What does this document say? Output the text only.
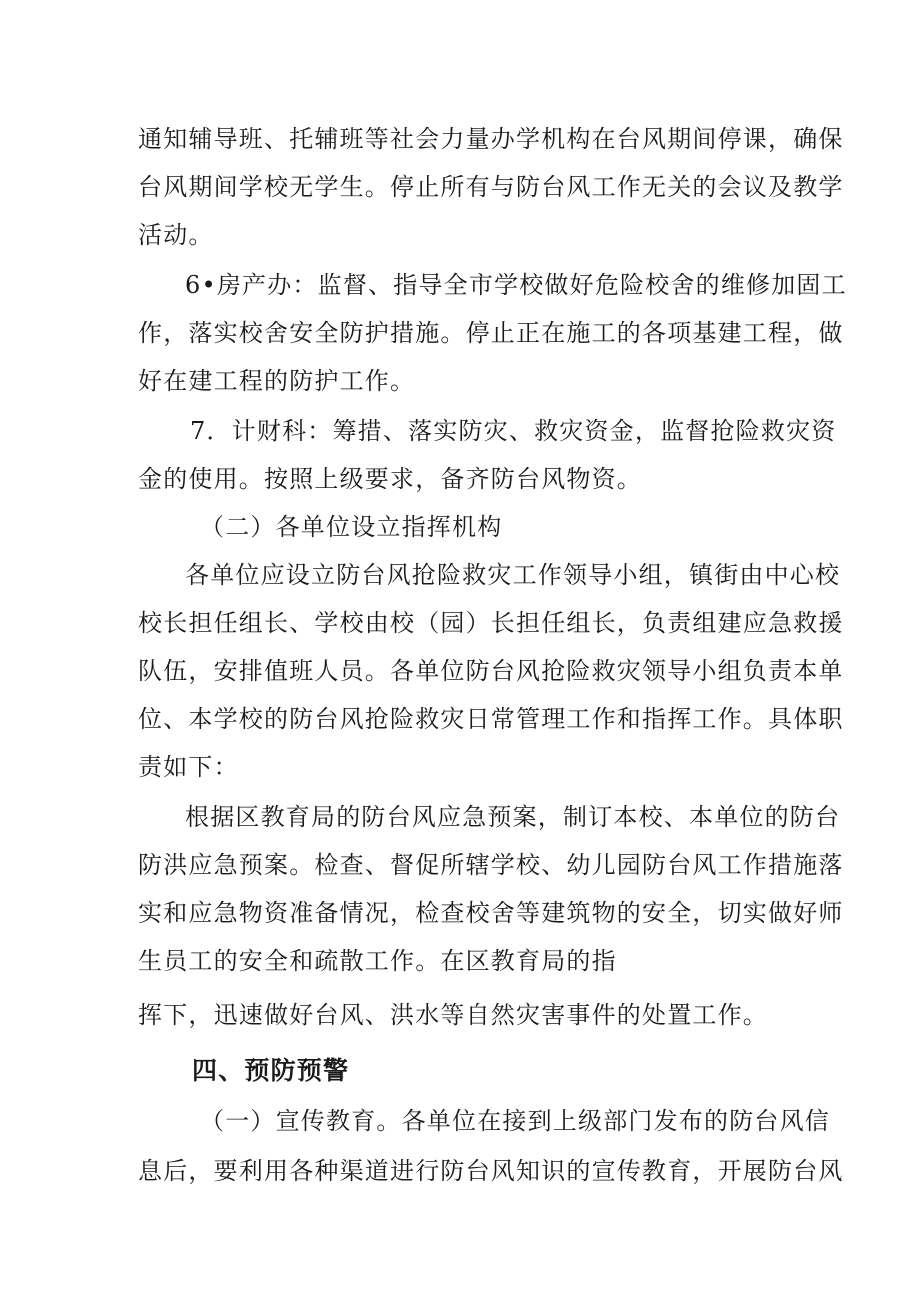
通知辅导班、托辅班等社会力量办学机构在台风期间停课，确保
台风期间学校无学生。停止所有与防台风工作无关的会议及教学
活动。
6•房产办：监督、指导全市学校做好危险校舍的维修加固工
作，落实校舍安全防护措施。停止正在施工的各项基建工程，做
好在建工程的防护工作。
7．计财科：筹措、落实防灾、救灾资金，监督抢险救灾资
金的使用。按照上级要求，备齐防台风物资。
（二）各单位设立指挥机构
各单位应设立防台风抢险救灾工作领导小组，镇街由中心校
校长担任组长、学校由校（园）长担任组长，负责组建应急救援
队伍，安排值班人员。各单位防台风抢险救灾领导小组负责本单
位、本学校的防台风抢险救灾日常管理工作和指挥工作。具体职
责如下：
根据区教育局的防台风应急预案，制订本校、本单位的防台
防洪应急预案。检查、督促所辖学校、幼儿园防台风工作措施落
实和应急物资准备情况，检查校舍等建筑物的安全，切实做好师
生员工的安全和疏散工作。在区教育局的指
挥下，迅速做好台风、洪水等自然灾害事件的处置工作。
四、预防预警
（一）宣传教育。各单位在接到上级部门发布的防台风信
息后，要利用各种渠道进行防台风知识的宣传教育，开展防台风
